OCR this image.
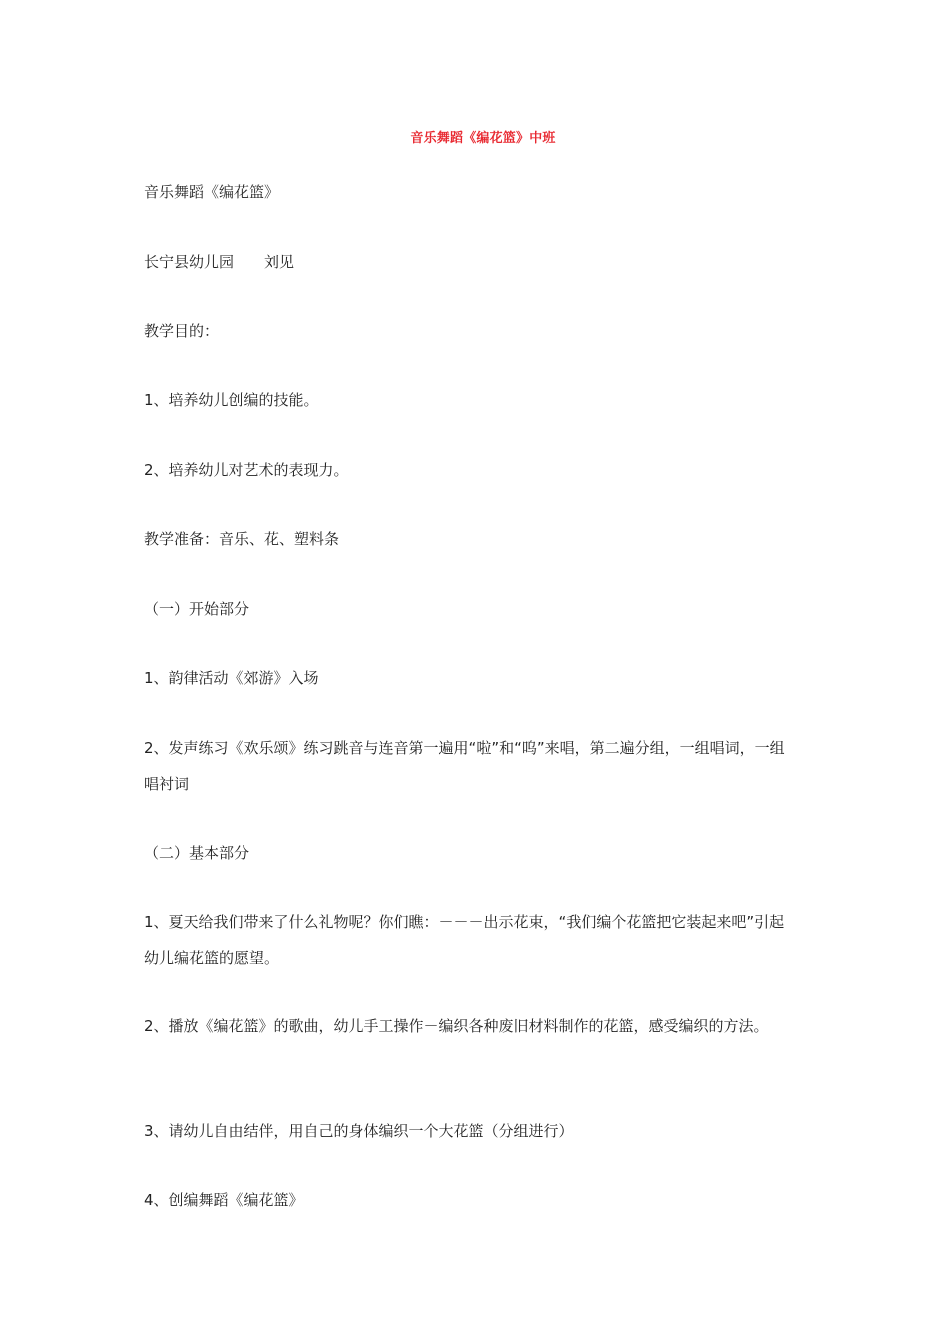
音乐舞蹈《编花篮》中班
音乐舞蹈《编花篮》
长宁县幼儿园　　刘见
教学目的：
1、培养幼儿创编的技能。
2、培养幼儿对艺术的表现力。
教学准备：音乐、花、塑料条
（一）开始部分
1、韵律活动《郊游》入场
2、发声练习《欢乐颂》练习跳音与连音第一遍用“啦”和“呜”来唱，第二遍分组，一组唱词，一组唱衬词
（二）基本部分
1、夏天给我们带来了什么礼物呢？你们瞧：－－－出示花束，“我们编个花篮把它装起来吧”引起幼儿编花篮的愿望。
2、播放《编花篮》的歌曲，幼儿手工操作－编织各种废旧材料制作的花篮，感受编织的方法。
3、请幼儿自由结伴，用自己的身体编织一个大花篮（分组进行）
4、创编舞蹈《编花篮》
